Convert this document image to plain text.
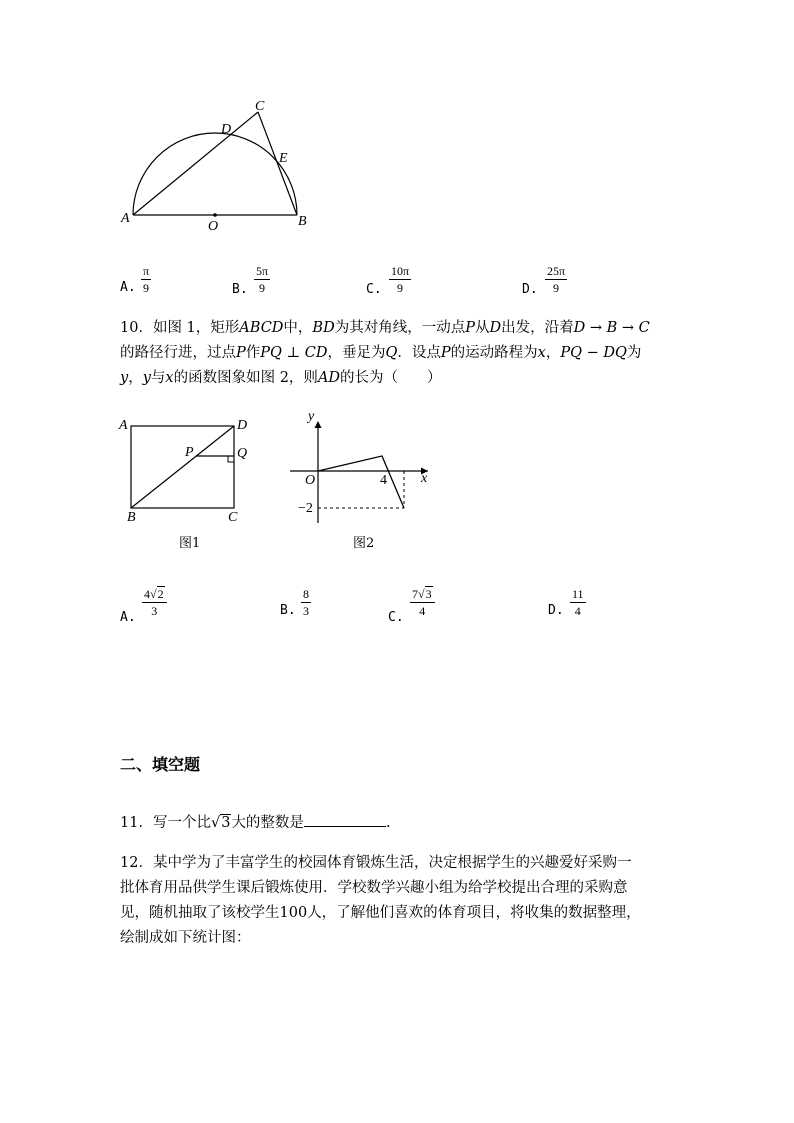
C
D
E
A
O	B
A. $\frac{\pi}{9}$	B. $\frac{5\pi}{9}$	C. $\frac{10\pi}{9}$	D. $\frac{25\pi}{9}$
10．如图 1，矩形ABCD中，BD为其对角线，一动点P从D出发，沿着D → B → C
的路径行进，过点P作PQ ⊥ CD，垂足为Q．设点P的运动路程为x，PQ − DQ为
y，y与x的函数图象如图 2，则AD的长为（　　）
A	D
P	Q
B	C
图1
y
O	4 x
−2
图2
A.
$\frac{4√2}{3}$	B. $\frac{8}{3}$
C.
$\frac{7√3}{4}$	D. $\frac{11}{4}$
二、填空题
11．写一个比√3大的整数是	.
12．某中学为了丰富学生的校园体育锻炼生活，决定根据学生的兴趣爱好采购一
批体育用品供学生课后锻炼使用．学校数学兴趣小组为给学校提出合理的采购意
见，随机抽取了该校学生100人，了解他们喜欢的体育项目，将收集的数据整理，
绘制成如下统计图：
